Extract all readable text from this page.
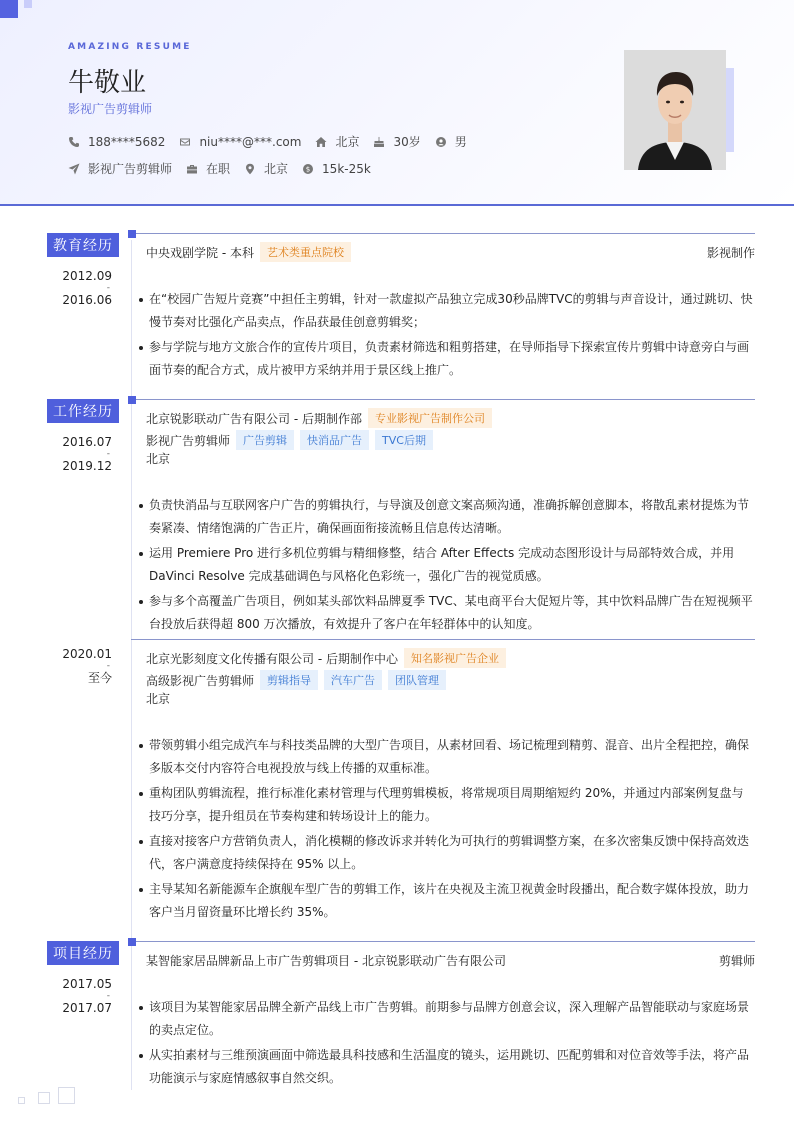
AMAZING RESUME
牛敬业
影视广告剪辑师
188****5682	niu****@***.com	北京	30岁	男
影视广告剪辑师	在职	北京	$ 15k-25k
教育经历
2012.09
-
2016.06
中央戏剧学院 - 本科	艺术类重点院校	影视制作
在“校园广告短片竞赛”中担任主剪辑，针对一款虚拟产品独立完成30秒品牌TVC的剪辑与声音设计，通过跳切、快慢节奏对比强化产品卖点，作品获最佳创意剪辑奖；
参与学院与地方文旅合作的宣传片项目，负责素材筛选和粗剪搭建，在导师指导下探索宣传片剪辑中诗意旁白与画面节奏的配合方式，成片被甲方采纳并用于景区线上推广。
工作经历
2016.07
-
2019.12
北京锐影联动广告有限公司 - 后期制作部	专业影视广告制作公司
影视广告剪辑师	广告剪辑	快消品广告	TVC后期
北京
负责快消品与互联网客户广告的剪辑执行，与导演及创意文案高频沟通，准确拆解创意脚本，将散乱素材提炼为节奏紧凑、情绪饱满的广告正片，确保画面衔接流畅且信息传达清晰。
运用 Premiere Pro 进行多机位剪辑与精细修整，结合 After Effects 完成动态图形设计与局部特效合成，并用 DaVinci Resolve 完成基础调色与风格化色彩统一，强化广告的视觉质感。
参与多个高覆盖广告项目，例如某头部饮料品牌夏季 TVC、某电商平台大促短片等，其中饮料品牌广告在短视频平台投放后获得超 800 万次播放，有效提升了客户在年轻群体中的认知度。
2020.01
-
至今
北京光影刻度文化传播有限公司 - 后期制作中心	知名影视广告企业
高级影视广告剪辑师	剪辑指导	汽车广告	团队管理
北京
带领剪辑小组完成汽车与科技类品牌的大型广告项目，从素材回看、场记梳理到精剪、混音、出片全程把控，确保多版本交付内容符合电视投放与线上传播的双重标准。
重构团队剪辑流程，推行标准化素材管理与代理剪辑模板，将常规项目周期缩短约 20%，并通过内部案例复盘与技巧分享，提升组员在节奏构建和转场设计上的能力。
直接对接客户方营销负责人，消化模糊的修改诉求并转化为可执行的剪辑调整方案，在多次密集反馈中保持高效迭代，客户满意度持续保持在 95% 以上。
主导某知名新能源车企旗舰车型广告的剪辑工作，该片在央视及主流卫视黄金时段播出，配合数字媒体投放，助力客户当月留资量环比增长约 35%。
项目经历
2017.05
-
2017.07
某智能家居品牌新品上市广告剪辑项目 - 北京锐影联动广告有限公司	剪辑师
该项目为某智能家居品牌全新产品线上市广告剪辑。前期参与品牌方创意会议，深入理解产品智能联动与家庭场景的卖点定位。
从实拍素材与三维预演画面中筛选最具科技感和生活温度的镜头，运用跳切、匹配剪辑和对位音效等手法，将产品功能演示与家庭情感叙事自然交织。
